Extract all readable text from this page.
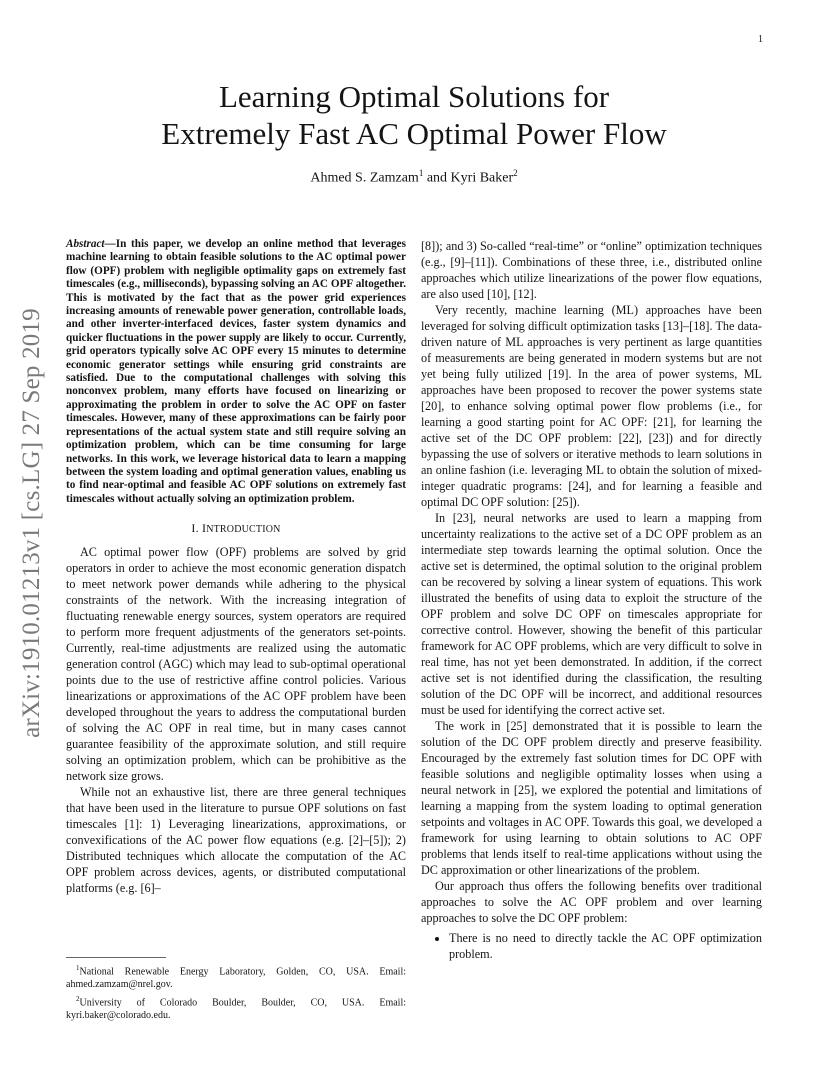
1
arXiv:1910.01213v1 [cs.LG] 27 Sep 2019
Learning Optimal Solutions for
Extremely Fast AC Optimal Power Flow
Ahmed S. Zamzam$^1$ and Kyri Baker$^2$

Abstract—In this paper, we develop an online method that leverages machine learning to obtain feasible solutions to the AC optimal power flow (OPF) problem with negligible optimality gaps on extremely fast timescales (e.g., milliseconds), bypassing solving an AC OPF altogether. This is motivated by the fact that as the power grid experiences increasing amounts of renewable power generation, controllable loads, and other inverter-interfaced devices, faster system dynamics and quicker fluctuations in the power supply are likely to occur. Currently, grid operators typically solve AC OPF every 15 minutes to determine economic generator settings while ensuring grid constraints are satisfied. Due to the computational challenges with solving this nonconvex problem, many efforts have focused on linearizing or approximating the problem in order to solve the AC OPF on faster timescales. However, many of these approximations can be fairly poor representations of the actual system state and still require solving an optimization problem, which can be time consuming for large networks. In this work, we leverage historical data to learn a mapping between the system loading and optimal generation values, enabling us to find near-optimal and feasible AC OPF solutions on extremely fast timescales without actually solving an optimization problem.

I. INTRODUCTION

AC optimal power flow (OPF) problems are solved by grid operators in order to achieve the most economic generation dispatch to meet network power demands while adhering to the physical constraints of the network. With the increasing integration of fluctuating renewable energy sources, system operators are required to perform more frequent adjustments of the generators set-points. Currently, real-time adjustments are realized using the automatic generation control (AGC) which may lead to sub-optimal operational points due to the use of restrictive affine control policies. Various linearizations or approximations of the AC OPF problem have been developed throughout the years to address the computational burden of solving the AC OPF in real time, but in many cases cannot guarantee feasibility of the approximate solution, and still require solving an optimization problem, which can be prohibitive as the network size grows.

While not an exhaustive list, there are three general techniques that have been used in the literature to pursue OPF solutions on fast timescales [1]: 1) Leveraging linearizations, approximations, or convexifications of the AC power flow equations (e.g. [2]–[5]); 2) Distributed techniques which allocate the computation of the AC OPF problem across devices, agents, or distributed computational platforms (e.g. [6]–

$^1$National Renewable Energy Laboratory, Golden, CO, USA. Email: ahmed.zamzam@nrel.gov.

$^2$University of Colorado Boulder, Boulder, CO, USA. Email: kyri.baker@colorado.edu.

[8]); and 3) So-called “real-time” or “online” optimization techniques (e.g., [9]–[11]). Combinations of these three, i.e., distributed online approaches which utilize linearizations of the power flow equations, are also used [10], [12].

Very recently, machine learning (ML) approaches have been leveraged for solving difficult optimization tasks [13]–[18]. The data-driven nature of ML approaches is very pertinent as large quantities of measurements are being generated in modern systems but are not yet being fully utilized [19]. In the area of power systems, ML approaches have been proposed to recover the power systems state [20], to enhance solving optimal power flow problems (i.e., for learning a good starting point for AC OPF: [21], for learning the active set of the DC OPF problem: [22], [23]) and for directly bypassing the use of solvers or iterative methods to learn solutions in an online fashion (i.e. leveraging ML to obtain the solution of mixed-integer quadratic programs: [24], and for learning a feasible and optimal DC OPF solution: [25]).

In [23], neural networks are used to learn a mapping from uncertainty realizations to the active set of a DC OPF problem as an intermediate step towards learning the optimal solution. Once the active set is determined, the optimal solution to the original problem can be recovered by solving a linear system of equations. This work illustrated the benefits of using data to exploit the structure of the OPF problem and solve DC OPF on timescales appropriate for corrective control. However, showing the benefit of this particular framework for AC OPF problems, which are very difficult to solve in real time, has not yet been demonstrated. In addition, if the correct active set is not identified during the classification, the resulting solution of the DC OPF will be incorrect, and additional resources must be used for identifying the correct active set.

The work in [25] demonstrated that it is possible to learn the solution of the DC OPF problem directly and preserve feasibility. Encouraged by the extremely fast solution times for DC OPF with feasible solutions and negligible optimality losses when using a neural network in [25], we explored the potential and limitations of learning a mapping from the system loading to optimal generation setpoints and voltages in AC OPF. Towards this goal, we developed a framework for using learning to obtain solutions to AC OPF problems that lends itself to real-time applications without using the DC approximation or other linearizations of the problem.

Our approach thus offers the following benefits over traditional approaches to solve the AC OPF problem and over learning approaches to solve the DC OPF problem:

• There is no need to directly tackle the AC OPF optimization problem.
